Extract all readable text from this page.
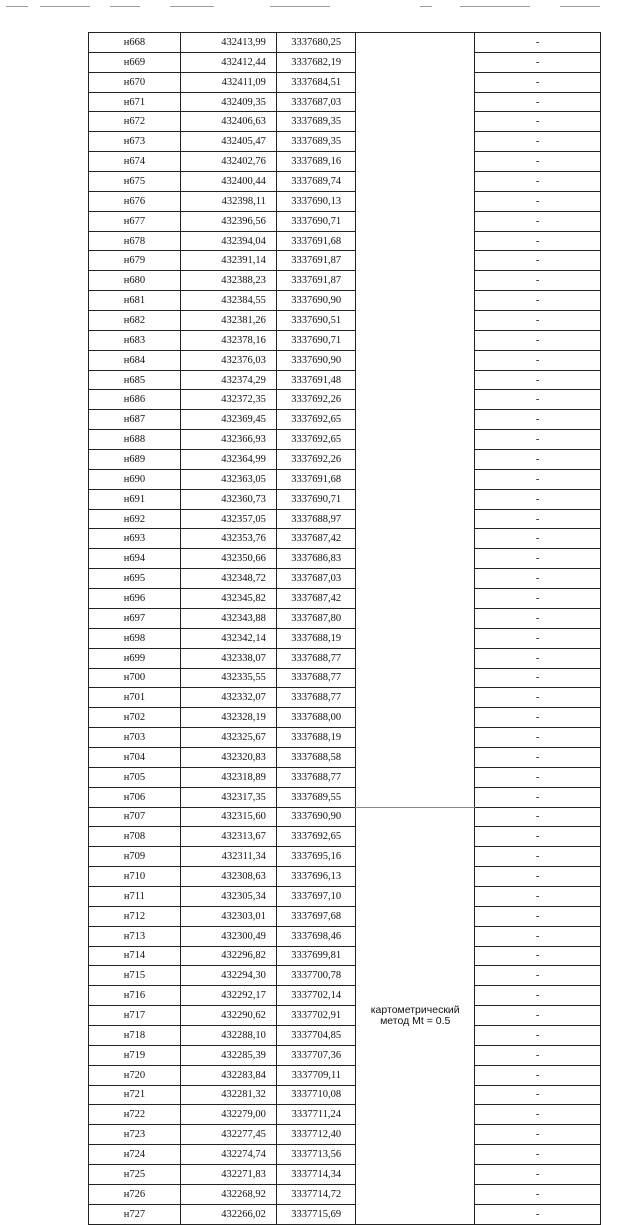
н668	432413,99	3337680,25		-
н669	432412,44	3337682,19		-
н670	432411,09	3337684,51		-
н671	432409,35	3337687,03		-
н672	432406,63	3337689,35		-
н673	432405,47	3337689,35		-
н674	432402,76	3337689,16		-
н675	432400,44	3337689,74		-
н676	432398,11	3337690,13		-
н677	432396,56	3337690,71		-
н678	432394,04	3337691,68		-
н679	432391,14	3337691,87		-
н680	432388,23	3337691,87		-
н681	432384,55	3337690,90		-
н682	432381,26	3337690,51		-
н683	432378,16	3337690,71		-
н684	432376,03	3337690,90		-
н685	432374,29	3337691,48		-
н686	432372,35	3337692,26		-
н687	432369,45	3337692,65		-
н688	432366,93	3337692,65		-
н689	432364,99	3337692,26		-
н690	432363,05	3337691,68		-
н691	432360,73	3337690,71		-
н692	432357,05	3337688,97		-
н693	432353,76	3337687,42		-
н694	432350,66	3337686,83		-
н695	432348,72	3337687,03		-
н696	432345,82	3337687,42		-
н697	432343,88	3337687,80		-
н698	432342,14	3337688,19		-
н699	432338,07	3337688,77		-
н700	432335,55	3337688,77		-
н701	432332,07	3337688,77		-
н702	432328,19	3337688,00		-
н703	432325,67	3337688,19		-
н704	432320,83	3337688,58		-
н705	432318,89	3337688,77		-
н706	432317,35	3337689,55		-
н707	432315,60	3337690,90	картометрический метод Mt = 0.5	-
н708	432313,67	3337692,65		-
н709	432311,34	3337695,16		-
н710	432308,63	3337696,13		-
н711	432305,34	3337697,10		-
н712	432303,01	3337697,68		-
н713	432300,49	3337698,46		-
н714	432296,82	3337699,81		-
н715	432294,30	3337700,78		-
н716	432292,17	3337702,14		-
н717	432290,62	3337702,91		-
н718	432288,10	3337704,85		-
н719	432285,39	3337707,36		-
н720	432283,84	3337709,11		-
н721	432281,32	3337710,08		-
н722	432279,00	3337711,24		-
н723	432277,45	3337712,40		-
н724	432274,74	3337713,56		-
н725	432271,83	3337714,34		-
н726	432268,92	3337714,72		-
н727	432266,02	3337715,69		-
